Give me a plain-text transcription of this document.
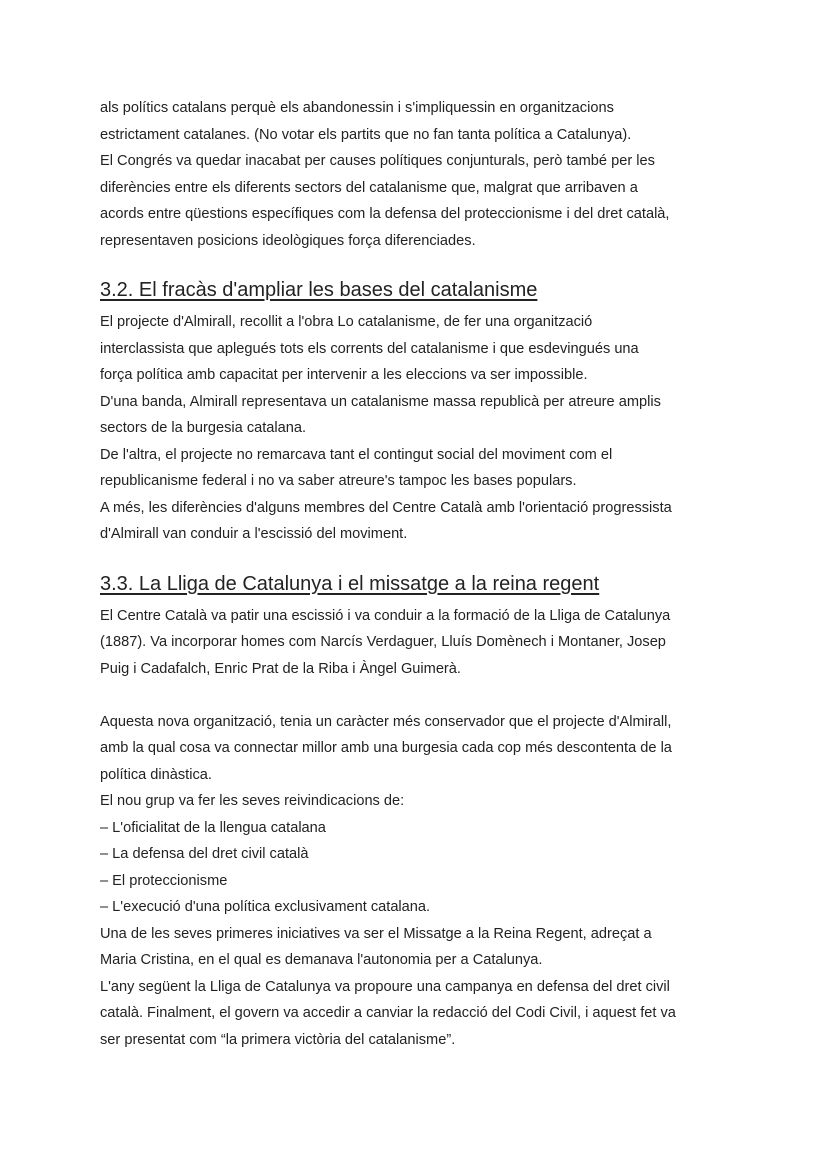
als polítics catalans perquè els abandonessin i s'impliquessin en organitzacions
estrictament catalanes. (No votar els partits que no fan tanta política a Catalunya).
El Congrés va quedar inacabat per causes polítiques conjunturals, però també per les
diferències entre els diferents sectors del catalanisme que, malgrat que arribaven a
acords entre qüestions específiques com la defensa del proteccionisme i del dret català,
representaven posicions ideològiques força diferenciades.

3.2. El fracàs d'ampliar les bases del catalanisme

El projecte d'Almirall, recollit a l'obra Lo catalanisme, de fer una organització
interclassista que aplegués tots els corrents del catalanisme i que esdevingués una
força política amb capacitat per intervenir a les eleccions va ser impossible.
D'una banda, Almirall representava un catalanisme massa republicà per atreure amplis
sectors de la burgesia catalana.
De l'altra, el projecte no remarcava tant el contingut social del moviment com el
republicanisme federal i no va saber atreure's tampoc les bases populars.
A més, les diferències d'alguns membres del Centre Català amb l'orientació progressista
d'Almirall van conduir a l'escissió del moviment.

3.3. La Lliga de Catalunya i el missatge a la reina regent

El Centre Català va patir una escissió i va conduir a la formació de la Lliga de Catalunya
(1887). Va incorporar homes com Narcís Verdaguer, Lluís Domènech i Montaner, Josep
Puig i Cadafalch, Enric Prat de la Riba i Àngel Guimerà.

Aquesta nova organització, tenia un caràcter més conservador que el projecte d'Almirall,
amb la qual cosa va connectar millor amb una burgesia cada cop més descontenta de la
política dinàstica.
El nou grup va fer les seves reivindicacions de:
– L'oficialitat de la llengua catalana
– La defensa del dret civil català
– El proteccionisme
– L'execució d'una política exclusivament catalana.
Una de les seves primeres iniciatives va ser el Missatge a la Reina Regent, adreçat a
Maria Cristina, en el qual es demanava l'autonomia per a Catalunya.
L'any següent la Lliga de Catalunya va propoure una campanya en defensa del dret civil
català. Finalment, el govern va accedir a canviar la redacció del Codi Civil, i aquest fet va
ser presentat com “la primera victòria del catalanisme”.
